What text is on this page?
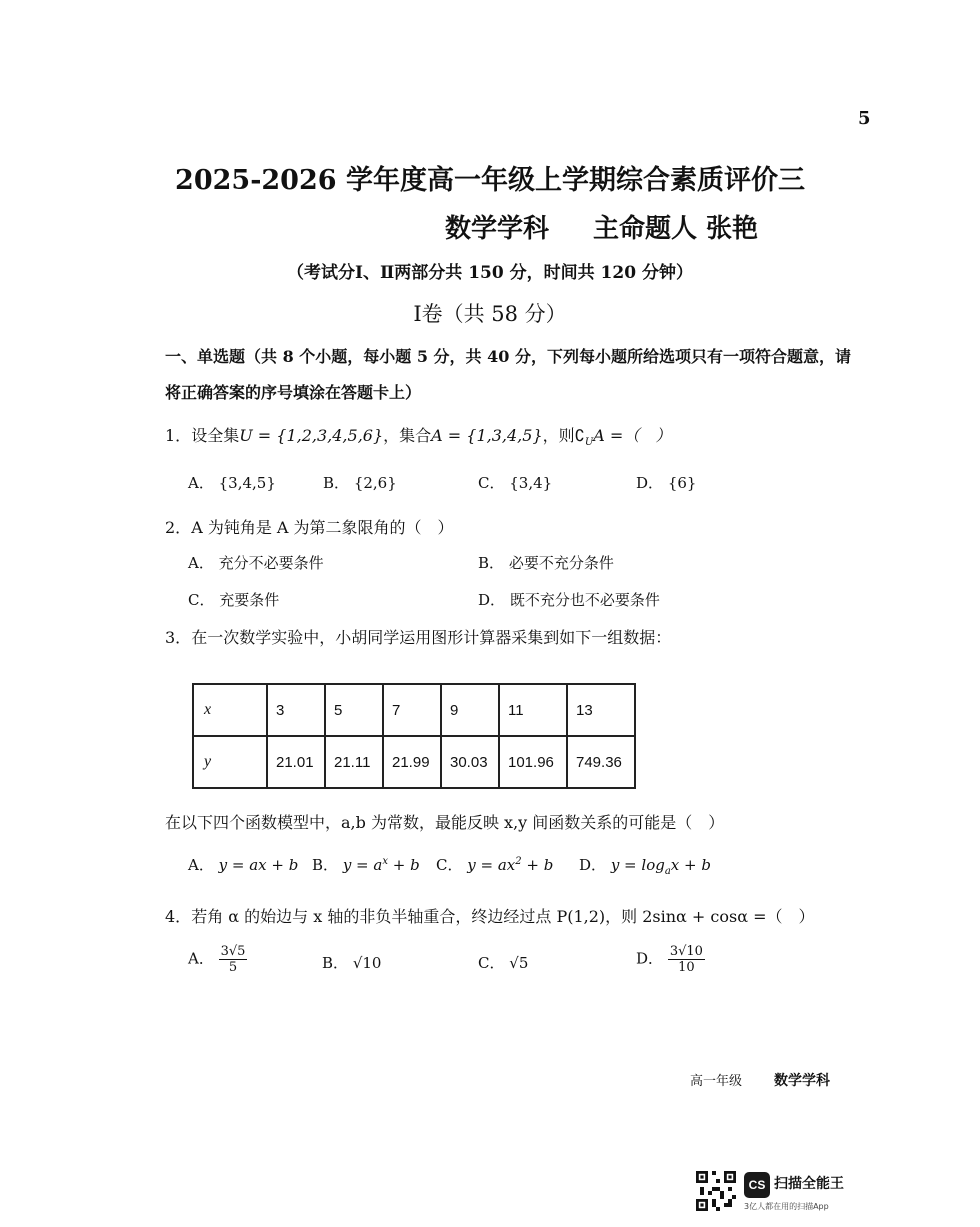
5
2025-2026 学年度高一年级上学期综合素质评价三
数学学科 主命题人 张艳
（考试分Ⅰ、Ⅱ两部分共 150 分，时间共 120 分钟）
Ⅰ卷（共 58 分）
一、单选题（共 8 个小题，每小题 5 分，共 40 分，下列每小题所给选项只有一项符合题意，请
将正确答案的序号填涂在答题卡上）
1．设全集U = {1,2,3,4,5,6}，集合A = {1,3,4,5}，则$∁_UA$ =（　）
A． {3,4,5}	B． {2,6}	C． {3,4}	D． {6}
2．A 为钝角是 A 为第二象限角的（　）
A． 充分不必要条件	B． 必要不充分条件
C． 充要条件	D． 既不充分也不必要条件
3．在一次数学实验中，小胡同学运用图形计算器采集到如下一组数据：
x	3	5	7	9	11	13
y	21.01	21.11	21.99	30.03	101.96	749.36
在以下四个函数模型中，a,b 为常数，最能反映 x,y 间函数关系的可能是（　）
A． y = ax + b B． $y = a^x + b$ C． $y = ax^2 + b$ D． $y = \log_ax + b$
4．若角 α 的始边与 x 轴的非负半轴重合，终边经过点 P(1,2)，则 2sinα + cosα =（　）
A． $\frac{3√5}{5}$	B． √10	C． √5	D． $\frac{3√10}{10}$
高一年级 数学学科
CS 扫描全能王
3亿人都在用的扫描App
